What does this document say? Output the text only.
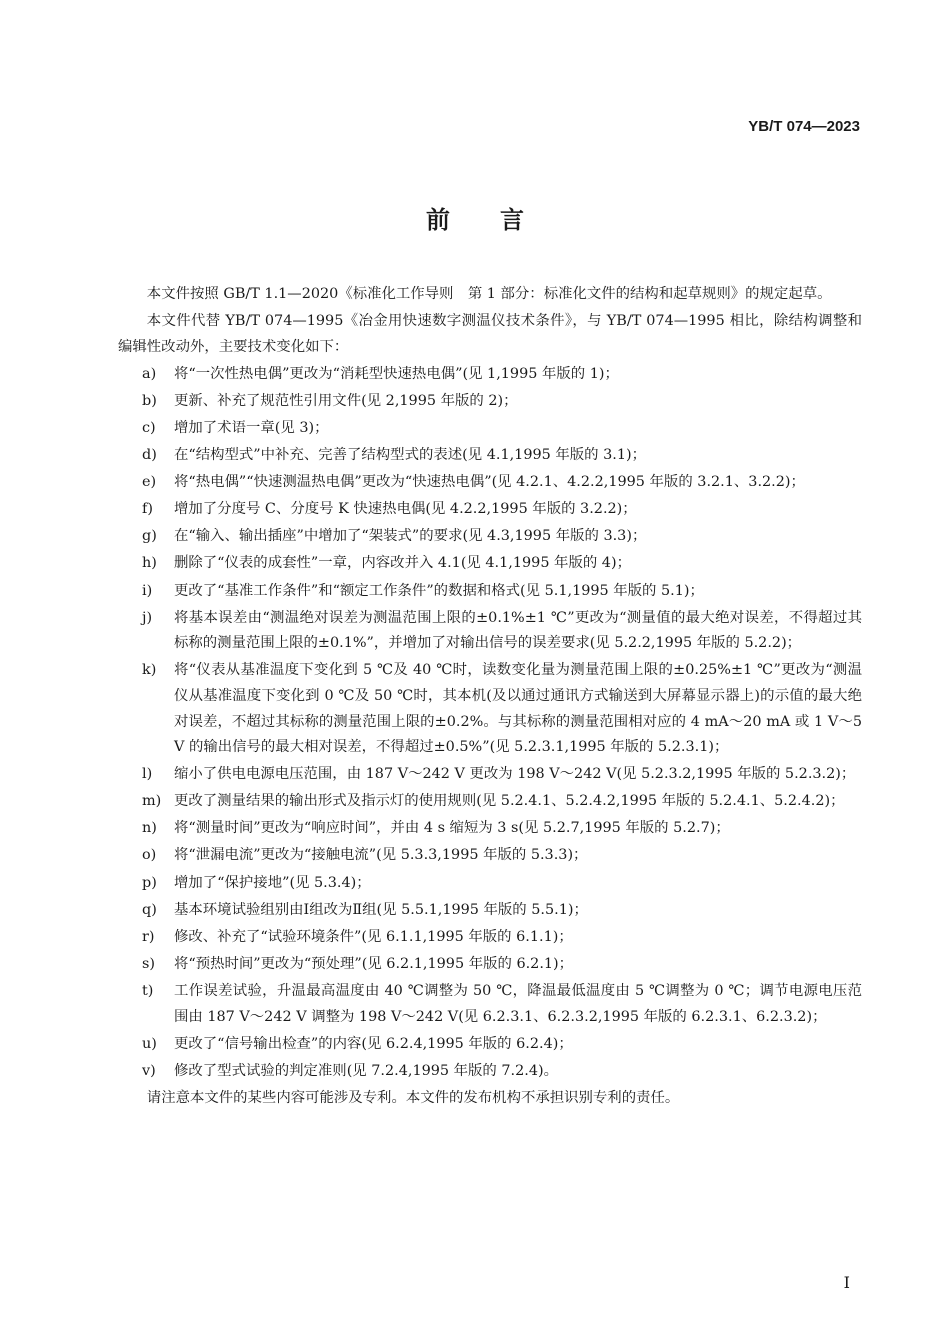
YB/T 074—2023
前言

本文件按照 GB/T 1.1—2020《标准化工作导则　第 1 部分：标准化文件的结构和起草规则》的规定起草。

本文件代替 YB/T 074—1995《冶金用快速数字测温仪技术条件》，与 YB/T 074—1995 相比，除结构调整和编辑性改动外，主要技术变化如下：

a)	将“一次性热电偶”更改为“消耗型快速热电偶”(见 1,1995 年版的 1)；
b)	更新、补充了规范性引用文件(见 2,1995 年版的 2)；
c)	增加了术语一章(见 3)；
d)	在“结构型式”中补充、完善了结构型式的表述(见 4.1,1995 年版的 3.1)；
e)	将“热电偶”“快速测温热电偶”更改为“快速热电偶”(见 4.2.1、4.2.2,1995 年版的 3.2.1、3.2.2)；
f)	增加了分度号 C、分度号 K 快速热电偶(见 4.2.2,1995 年版的 3.2.2)；
g)	在“输入、输出插座”中增加了“架装式”的要求(见 4.3,1995 年版的 3.3)；
h)	删除了“仪表的成套性”一章，内容改并入 4.1(见 4.1,1995 年版的 4)；
i)	更改了“基准工作条件”和“额定工作条件”的数据和格式(见 5.1,1995 年版的 5.1)；
j)	将基本误差由“测温绝对误差为测温范围上限的±0.1%±1 ℃”更改为“测量值的最大绝对误差，不得超过其标称的测量范围上限的±0.1%”，并增加了对输出信号的误差要求(见 5.2.2,1995 年版的 5.2.2)；
k)	将“仪表从基准温度下变化到 5 ℃及 40 ℃时，读数变化量为测量范围上限的±0.25%±1 ℃”更改为“测温仪从基准温度下变化到 0 ℃及 50 ℃时，其本机(及以通过通讯方式输送到大屏幕显示器上)的示值的最大绝对误差，不超过其标称的测量范围上限的±0.2%。与其标称的测量范围相对应的 4 mA～20 mA 或 1 V～5 V 的输出信号的最大相对误差，不得超过±0.5%”(见 5.2.3.1,1995 年版的 5.2.3.1)；
l)	缩小了供电电源电压范围，由 187 V～242 V 更改为 198 V～242 V(见 5.2.3.2,1995 年版的 5.2.3.2)；
m) 更改了测量结果的输出形式及指示灯的使用规则(见 5.2.4.1、5.2.4.2,1995 年版的 5.2.4.1、5.2.4.2)；
n)	将“测量时间”更改为“响应时间”，并由 4 s 缩短为 3 s(见 5.2.7,1995 年版的 5.2.7)；
o)	将“泄漏电流”更改为“接触电流”(见 5.3.3,1995 年版的 5.3.3)；
p)	增加了“保护接地”(见 5.3.4)；
q)	基本环境试验组别由Ⅰ组改为Ⅱ组(见 5.5.1,1995 年版的 5.5.1)；
r)	修改、补充了“试验环境条件”(见 6.1.1,1995 年版的 6.1.1)；
s)	将“预热时间”更改为“预处理”(见 6.2.1,1995 年版的 6.2.1)；
t)	工作误差试验，升温最高温度由 40 ℃调整为 50 ℃，降温最低温度由 5 ℃调整为 0 ℃；调节电源电压范围由 187 V～242 V 调整为 198 V～242 V(见 6.2.3.1、6.2.3.2,1995 年版的 6.2.3.1、6.2.3.2)；
u)	更改了“信号输出检查”的内容(见 6.2.4,1995 年版的 6.2.4)；
v)	修改了型式试验的判定准则(见 7.2.4,1995 年版的 7.2.4)。

请注意本文件的某些内容可能涉及专利。本文件的发布机构不承担识别专利的责任。

I
